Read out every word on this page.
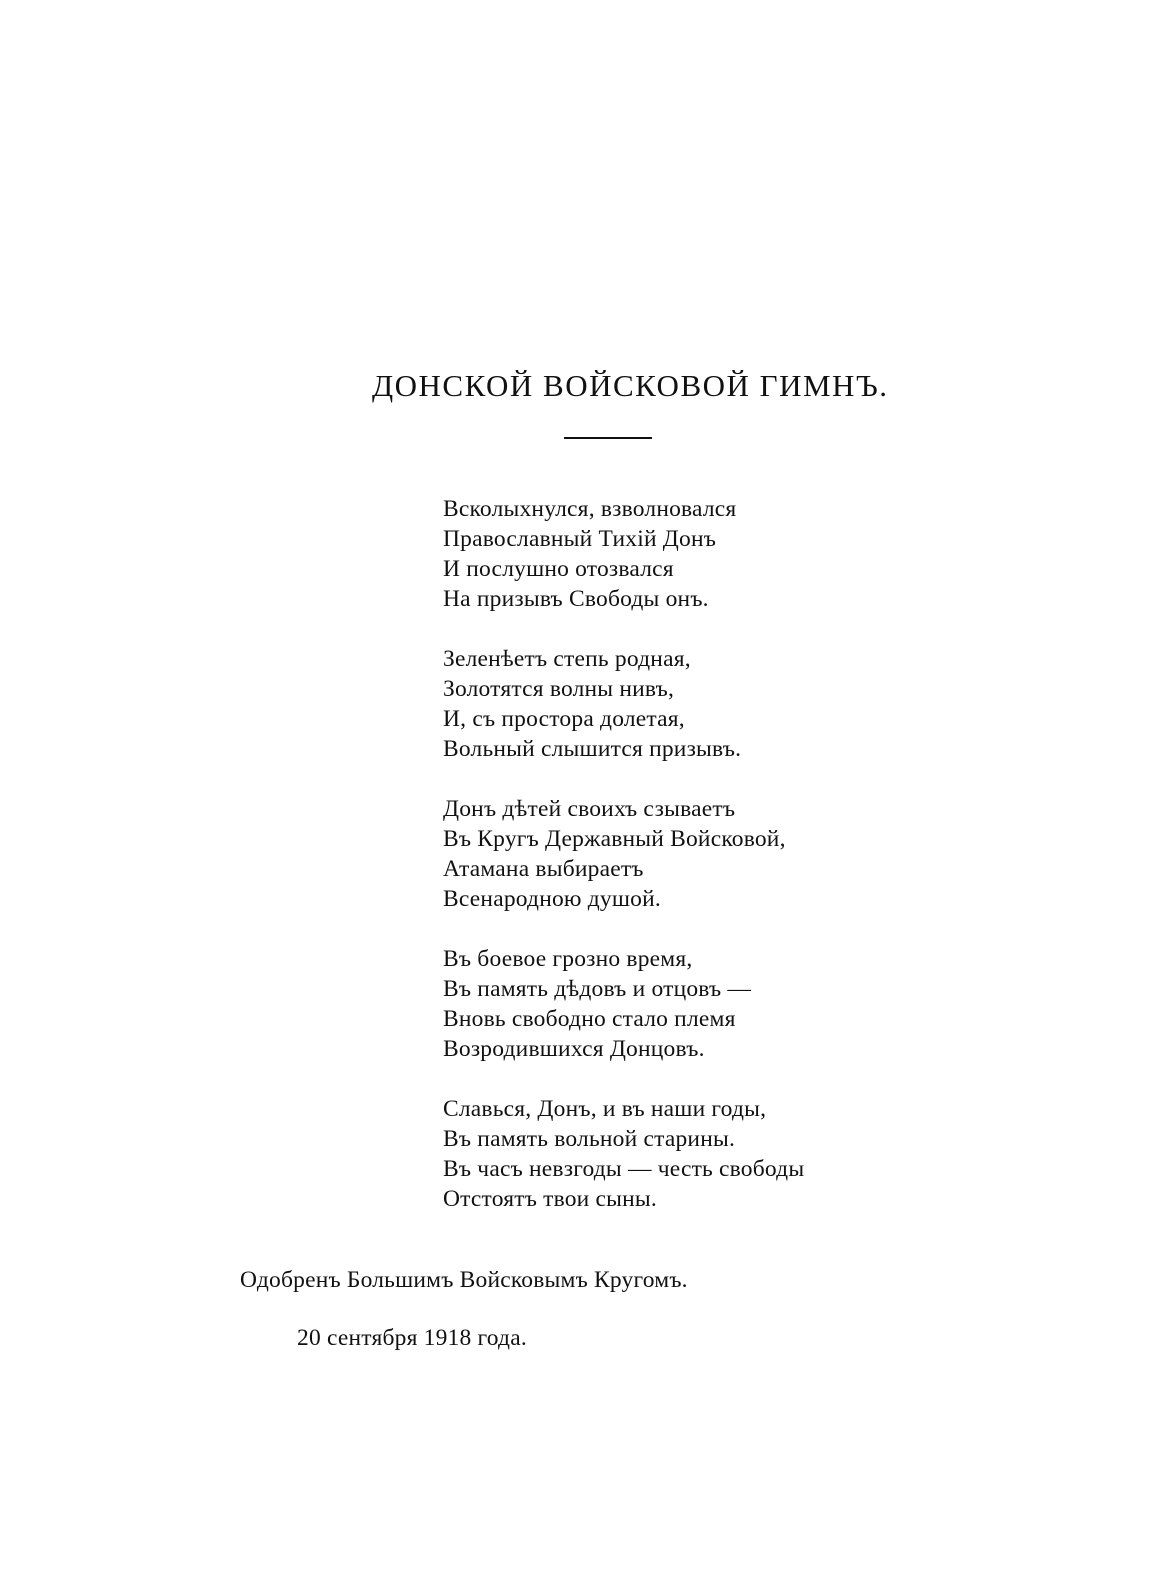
ДОНСКОЙ ВОЙСКОВОЙ ГИМНЪ.
Всколыхнулся, взволновался
Православный Тихій Донъ
И послушно отозвался
На призывъ Свободы онъ.
Зеленѣетъ степь родная,
Золотятся волны нивъ,
И, съ простора долетая,
Вольный слышится призывъ.
Донъ дѣтей своихъ сзываетъ
Въ Кругъ Державный Войсковой,
Атамана выбираетъ
Всенародною душой.
Въ боевое грозно время,
Въ память дѣдовъ и отцовъ —
Вновь свободно стало племя
Возродившихся Донцовъ.
Славься, Донъ, и въ наши годы,
Въ память вольной старины.
Въ часъ невзгоды — честь свободы
Отстоятъ твои сыны.
Одобренъ Большимъ Войсковымъ Кругомъ.
20 сентября 1918 года.
